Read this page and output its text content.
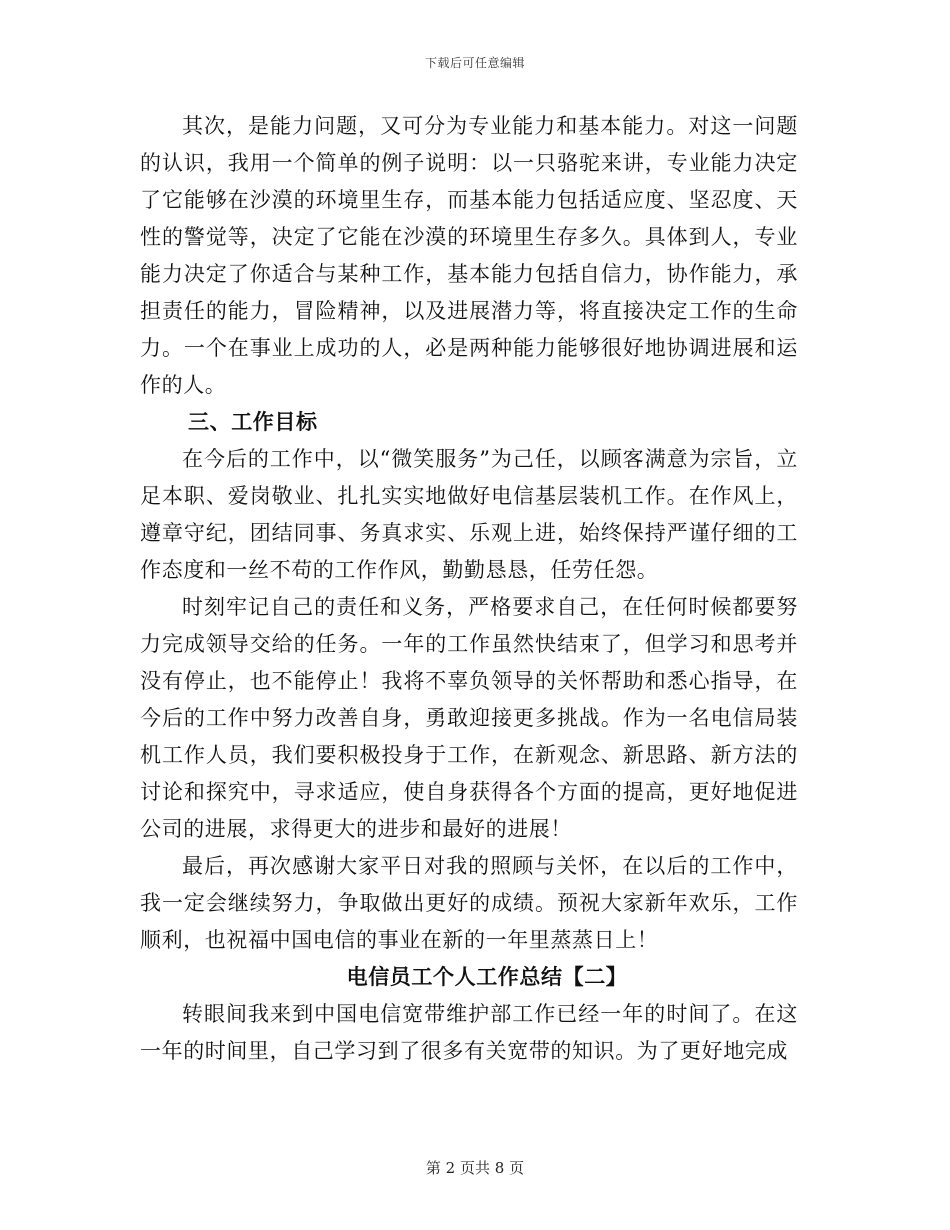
下载后可任意编辑

其次，是能力问题，又可分为专业能力和基本能力。对这一问题的认识，我用一个简单的例子说明：以一只骆驼来讲，专业能力决定了它能够在沙漠的环境里生存，而基本能力包括适应度、坚忍度、天性的警觉等，决定了它能在沙漠的环境里生存多久。具体到人，专业能力决定了你适合与某种工作，基本能力包括自信力，协作能力，承担责任的能力，冒险精神，以及进展潜力等，将直接决定工作的生命力。一个在事业上成功的人，必是两种能力能够很好地协调进展和运作的人。

三、工作目标

在今后的工作中，以“微笑服务”为己任，以顾客满意为宗旨，立足本职、爱岗敬业、扎扎实实地做好电信基层装机工作。在作风上，遵章守纪，团结同事、务真求实、乐观上进，始终保持严谨仔细的工作态度和一丝不苟的工作作风，勤勤恳恳，任劳任怨。

时刻牢记自己的责任和义务，严格要求自己，在任何时候都要努力完成领导交给的任务。一年的工作虽然快结束了，但学习和思考并没有停止，也不能停止！我将不辜负领导的关怀帮助和悉心指导，在今后的工作中努力改善自身，勇敢迎接更多挑战。作为一名电信局装机工作人员，我们要积极投身于工作，在新观念、新思路、新方法的讨论和探究中，寻求适应，使自身获得各个方面的提高，更好地促进公司的进展，求得更大的进步和最好的进展！

最后，再次感谢大家平日对我的照顾与关怀，在以后的工作中，我一定会继续努力，争取做出更好的成绩。预祝大家新年欢乐，工作顺利，也祝福中国电信的事业在新的一年里蒸蒸日上！

电信员工个人工作总结【二】

转眼间我来到中国电信宽带维护部工作已经一年的时间了。在这一年的时间里，自己学习到了很多有关宽带的知识。为了更好地完成

第 2 页共 8 页
